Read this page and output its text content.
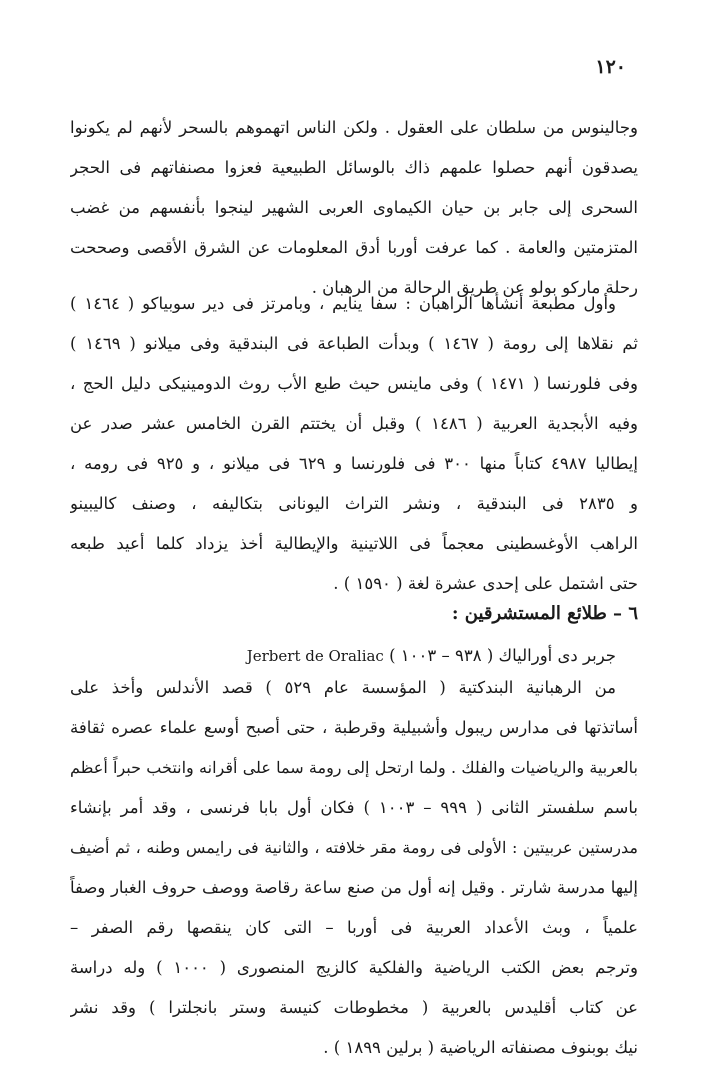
١٢٠
وجالينوس من سلطان على العقول . ولكن الناس اتهموهم بالسحر لأنهم لم يكونوا
يصدقون أنهم حصلوا علمهم ذاك بالوسائل الطبيعية فعزوا مصنفاتهم فى الحجر
السحرى إلى جابر بن حيان الكيماوى العربى الشهير لينجوا بأنفسهم من غضب
المتزمتين والعامة . كما عرفت أوربا أدق المعلومات عن الشرق الأقصى وصححت
رحلة ماركو بولو عن طريق الرحالة من الرهبان .
وأول مطبعة أنشأها الراهبان : سفا ينايم ، وبامرتز فى دير سوبياكو ( ١٤٦٤ )
ثم نقلاها إلى رومة ( ١٤٦٧ ) وبدأت الطباعة فى البندقية وفى ميلانو ( ١٤٦٩ )
وفى فلورنسا ( ١٤٧١ ) وفى ماينس حيث طبع الأب روث الدومينيكى دليل الحج ،
وفيه الأبجدية العربية ( ١٤٨٦ ) وقبل أن يختتم القرن الخامس عشر صدر عن
إيطاليا ٤٩٨٧ كتاباً منها ٣٠٠ فى فلورنسا و ٦٢٩ فى ميلانو ، و ٩٢٥ فى رومه ،
و ٢٨٣٥ فى البندقية ، ونشر التراث اليونانى بتكاليفه ، وصنف كاليبينو
الراهب الأوغسطينى معجماً فى اللاتينية والإيطالية أخذ يزداد كلما أعيد طبعه
حتى اشتمل على إحدى عشرة لغة ( ١٥٩٠ ) .
٦ – طلائع المستشرقين :
جربر دى أورالياك ( ٩٣٨ – ١٠٠٣ ) Jerbert de Oraliac
من الرهبانية البندكتية ( المؤسسة عام ٥٢٩ ) قصد الأندلس وأخذ على
أساتذتها فى مدارس ريبول وأشبيلية وقرطبة ، حتى أصبح أوسع علماء عصره ثقافة
بالعربية والرياضيات والفلك . ولما ارتحل إلى رومة سما على أقرانه وانتخب حبراً أعظم
باسم سلفستر الثانى ( ٩٩٩ – ١٠٠٣ ) فكان أول بابا فرنسى ، وقد أمر بإنشاء
مدرستين عربيتين : الأولى فى رومة مقر خلافته ، والثانية فى رايمس وطنه ، ثم أضيف
إليها مدرسة شارتر . وقيل إنه أول من صنع ساعة رقاصة ووصف حروف الغبار وصفاً
علمياً ، وبث الأعداد العربية فى أوربا – التى كان ينقصها رقم الصفر –
وترجم بعض الكتب الرياضية والفلكية كالزيج المنصورى ( ١٠٠٠ ) وله دراسة
عن كتاب أقليدس بالعربية ( مخطوطات كنيسة وستر بانجلترا ) وقد نشر
نيك بوبنوف مصنفاته الرياضية ( برلين ١٨٩٩ ) .
